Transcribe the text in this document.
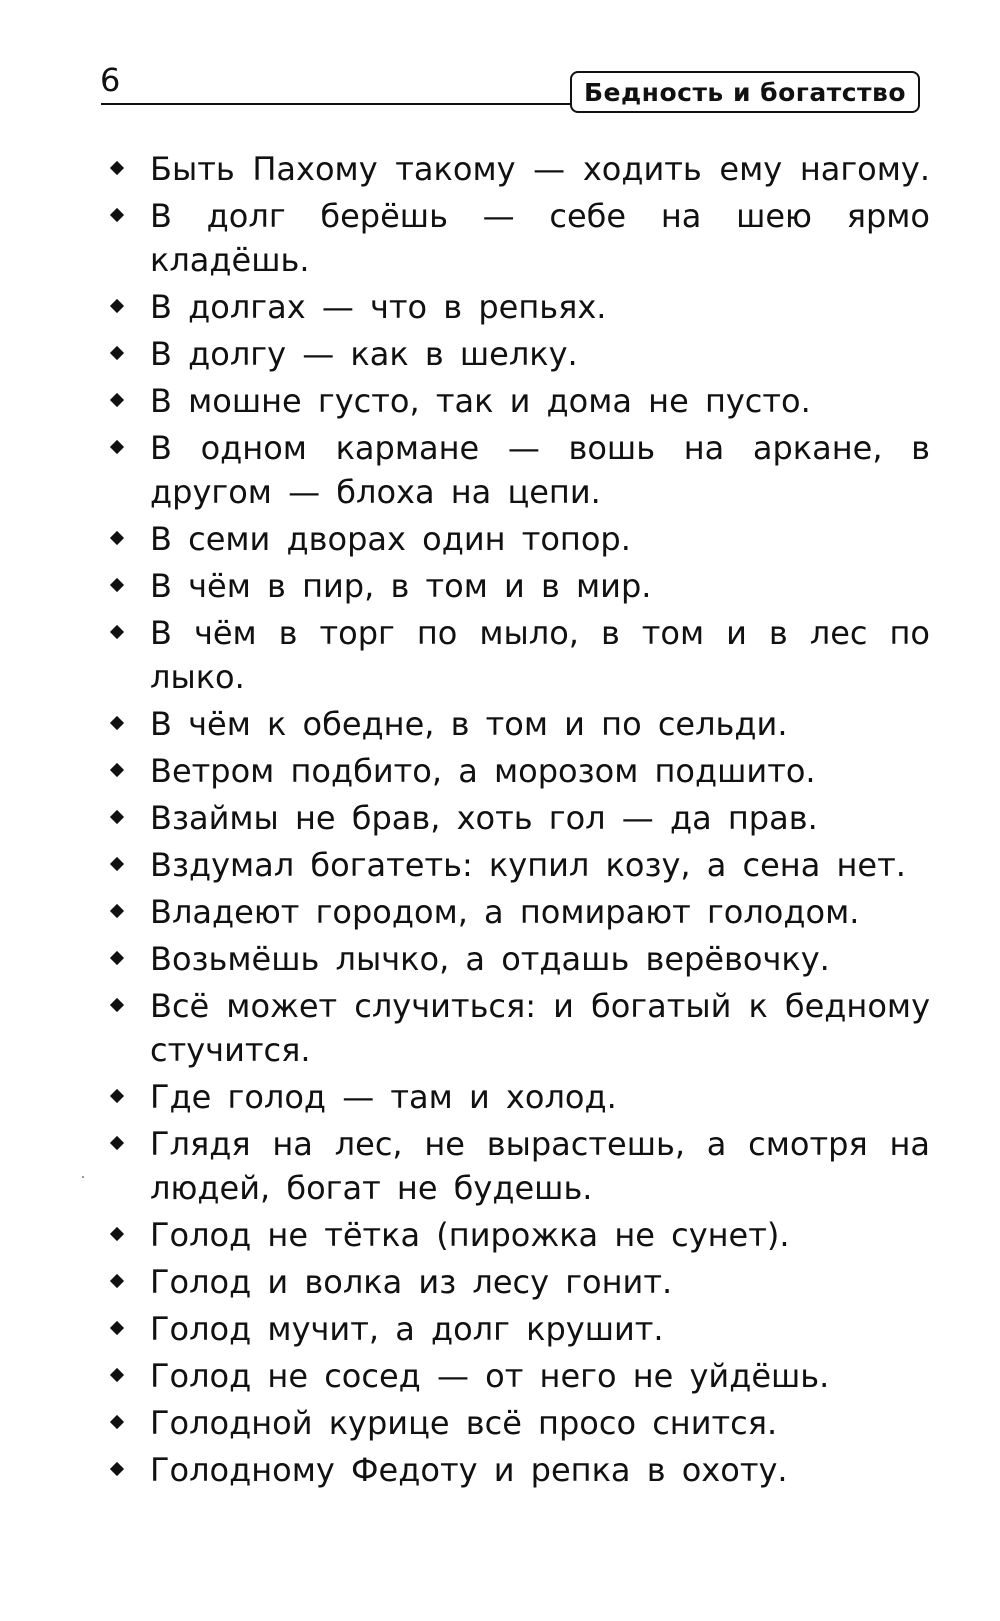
6	Бедность и богатство
Быть Пахому такому — ходить ему нагому.
В долг берёшь — себе на шею ярмо кладёшь.
В долгах — что в репьях.
В долгу — как в шелку.
В мошне густо, так и дома не пусто.
В одном кармане — вошь на аркане, в другом — блоха на цепи.
В семи дворах один топор.
В чём в пир, в том и в мир.
В чём в торг по мыло, в том и в лес по лыко.
В чём к обедне, в том и по сельди.
Ветром подбито, а морозом подшито.
Взаймы не брав, хоть гол — да прав.
Вздумал богатеть: купил козу, а сена нет.
Владеют городом, а помирают голодом.
Возьмёшь лычко, а отдашь верёвочку.
Всё может случиться: и богатый к бедному стучится.
Где голод — там и холод.
Глядя на лес, не вырастешь, а смотря на людей, богат не будешь.
Голод не тётка (пирожка не сунет).
Голод и волка из лесу гонит.
Голод мучит, а долг крушит.
Голод не сосед — от него не уйдёшь.
Голодной курице всё просо снится.
Голодному Федоту и репка в охоту.
